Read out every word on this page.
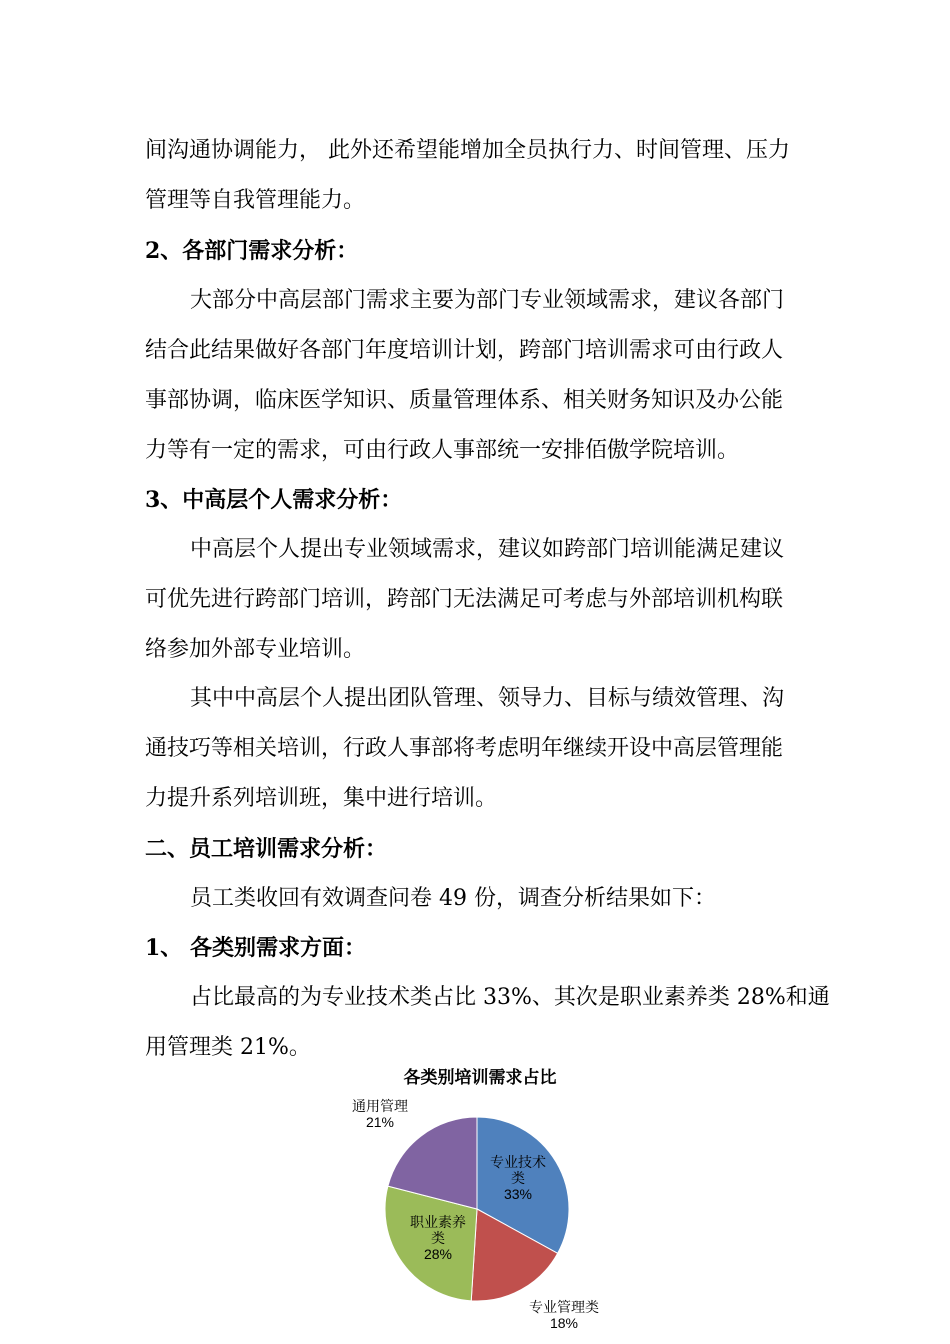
间沟通协调能力， 此外还希望能增加全员执行力、时间管理、压力
管理等自我管理能力。
2、各部门需求分析：
大部分中高层部门需求主要为部门专业领域需求，建议各部门
结合此结果做好各部门年度培训计划，跨部门培训需求可由行政人
事部协调，临床医学知识、质量管理体系、相关财务知识及办公能
力等有一定的需求，可由行政人事部统一安排佰傲学院培训。
3、中高层个人需求分析：
中高层个人提出专业领域需求，建议如跨部门培训能满足建议
可优先进行跨部门培训，跨部门无法满足可考虑与外部培训机构联
络参加外部专业培训。
其中中高层个人提出团队管理、领导力、目标与绩效管理、沟
通技巧等相关培训，行政人事部将考虑明年继续开设中高层管理能
力提升系列培训班，集中进行培训。
二、员工培训需求分析：
员工类收回有效调查问卷 49 份，调查分析结果如下：
1、 各类别需求方面：
占比最高的为专业技术类占比 33%、其次是职业素养类 28%和通
用管理类 21%。
各类别培训需求占比
专业技术类 33%
专业管理类 18%
职业素养类 28%
通用管理 21%
